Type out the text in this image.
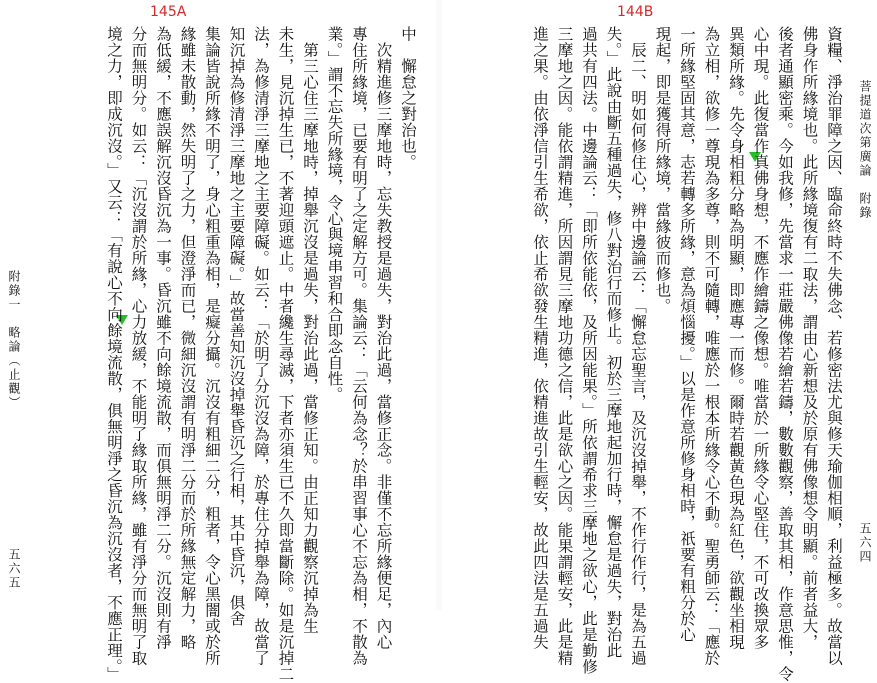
145A
附錄一　略論（止觀）
五六五
中　懈怠之對治也。
　次精進修三摩地時，忘失教授是過失，對治此過，當修正念。非僅不忘所緣便足，內心
專住所緣境，已要有明了之定解方可。集論云：「云何為念？於串習事心不忘為相，不散為
業。」謂不忘失所緣境，令心與境串習和合即念自性。
　第三心住三摩地時，掉舉沉沒是過失，對治此過，當修正知。由正知力觀察沉掉為生
未生，見沉掉生已，不著迎頭遮止。中者纔生尋滅，下者亦須生已不久即當斷除。如是沉掉二
法，為修清淨三摩地之主要障礙。如云：「於明了分沉沒為障，於專住分掉舉為障，故當了
知沉掉為修清淨三摩地之主要障礙。」故當善知沉沒掉舉昏沉之行相，其中昏沉，俱舍
集論皆說所緣不明了，身心粗重為相，是癡分攝。沉沒有粗細二分，粗者，令心黑闇或於所
緣雖未散動，然失明了之力，但澄淨而已，微細沉沒謂有明淨二分而於所緣無定解力，略
為低緩，不應誤解沉沒昏沉為一事。昏沉雖不向餘境流散，而俱無明淨二分。沉沒則有淨
分而無明分。如云：「沉沒謂於所緣，心力放緩，不能明了緣取所緣，雖有淨分而無明了取
境之力，即成沉沒。」又云：「有說心不向餘境流散，俱無明淨之昏沉為沉沒者，不應正理。」
144B
菩提道次第廣論　附錄
五六四
資糧、淨治罪障之因、臨命終時不失佛念、若修密法尤與修天瑜伽相順，利益極多。故當以
佛身作所緣境也。此所緣境復有二取法，謂由心新想及於原有佛像想令明顯。前者益大，
後者通顯密乘。今如我修，先當求一莊嚴佛像若繪若鑄，數數觀察，善取其相，作意思惟，令
心中現。此復當作真佛身想，不應作繪鑄之像想。唯當於一所緣令心堅住，不可改換眾多
異類所緣。先令身相粗分略為明顯，即應專一而修。爾時若觀黃色現為紅色，欲觀坐相現
為立相，欲修一尊現為多尊，則不可隨轉，唯應於一根本所緣令心不動。聖勇師云：「應於
一所緣堅固其意，志若轉多所緣，意為煩惱擾。」以是作意所修身相時，祇要有粗分於心
現起，即是獲得所緣境，當緣彼而修也。
　辰二、明如何修住心，辨中邊論云：「懈怠忘聖言，及沉沒掉舉，不作行作行，是為五過
失。」此說由斷五種過失，修八對治行而修止。初於三摩地起加行時，懈怠是過失，對治此
過共有四法。中邊論云：「即所依能依，及所因能果。」所依謂希求三摩地之欲心，此是勤修
三摩地之因。能依謂精進，所因謂見三摩地功德之信，此是欲心之因。能果謂輕安，此是精
進之果。由依淨信引生希欲，依止希欲發生精進，依精進故引生輕安，故此四法是五過失
